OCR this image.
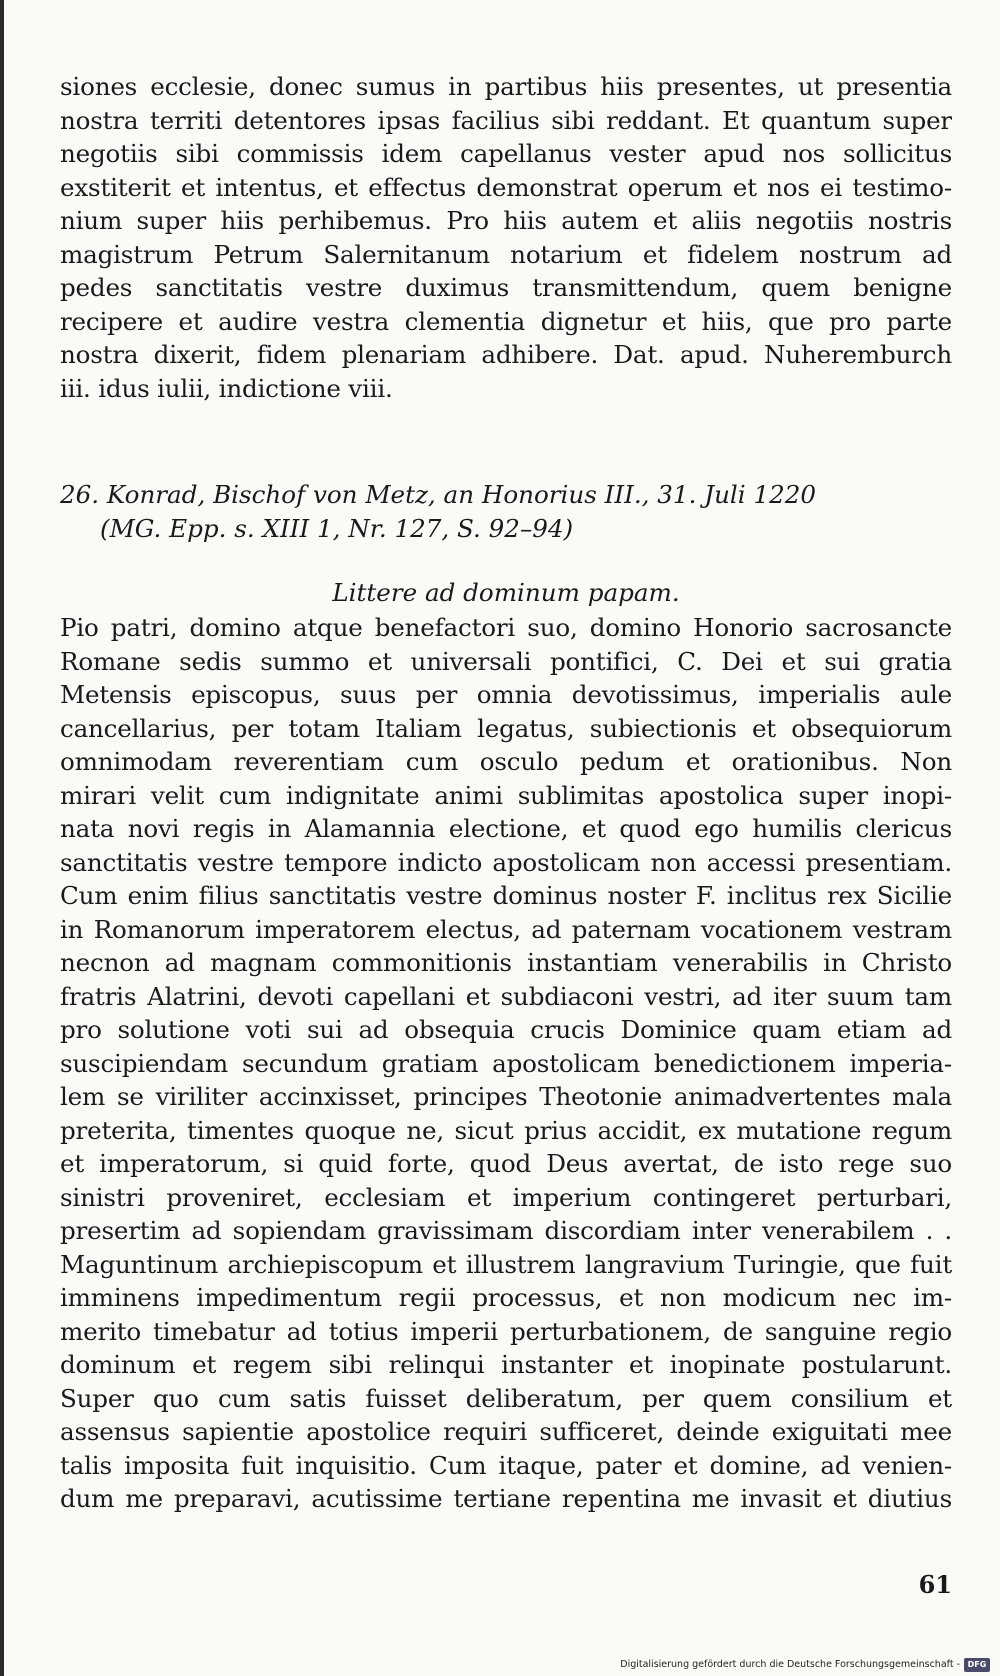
siones ecclesie, donec sumus in partibus hiis presentes, ut presentia
nostra territi detentores ipsas facilius sibi reddant. Et quantum super
negotiis sibi commissis idem capellanus vester apud nos sollicitus
exstiterit et intentus, et effectus demonstrat operum et nos ei testimo-
nium super hiis perhibemus. Pro hiis autem et aliis negotiis nostris
magistrum Petrum Salernitanum notarium et fidelem nostrum ad
pedes sanctitatis vestre duximus transmittendum, quem benigne
recipere et audire vestra clementia dignetur et hiis, que pro parte
nostra dixerit, fidem plenariam adhibere. Dat. apud. Nuheremburch
iii. idus iulii, indictione viii.
26. Konrad, Bischof von Metz, an Honorius III., 31. Juli 1220
(MG. Epp. s. XIII 1, Nr. 127, S. 92–94)
Littere ad dominum papam.
Pio patri, domino atque benefactori suo, domino Honorio sacrosancte
Romane sedis summo et universali pontifici, C. Dei et sui gratia
Metensis episcopus, suus per omnia devotissimus, imperialis aule
cancellarius, per totam Italiam legatus, subiectionis et obsequiorum
omnimodam reverentiam cum osculo pedum et orationibus. Non
mirari velit cum indignitate animi sublimitas apostolica super inopi-
nata novi regis in Alamannia electione, et quod ego humilis clericus
sanctitatis vestre tempore indicto apostolicam non accessi presentiam.
Cum enim filius sanctitatis vestre dominus noster F. inclitus rex Sicilie
in Romanorum imperatorem electus, ad paternam vocationem vestram
necnon ad magnam commonitionis instantiam venerabilis in Christo
fratris Alatrini, devoti capellani et subdiaconi vestri, ad iter suum tam
pro solutione voti sui ad obsequia crucis Dominice quam etiam ad
suscipiendam secundum gratiam apostolicam benedictionem imperia-
lem se viriliter accinxisset, principes Theotonie animadvertentes mala
preterita, timentes quoque ne, sicut prius accidit, ex mutatione regum
et imperatorum, si quid forte, quod Deus avertat, de isto rege suo
sinistri proveniret, ecclesiam et imperium contingeret perturbari,
presertim ad sopiendam gravissimam discordiam inter venerabilem . .
Maguntinum archiepiscopum et illustrem langravium Turingie, que fuit
imminens impedimentum regii processus, et non modicum nec im-
merito timebatur ad totius imperii perturbationem, de sanguine regio
dominum et regem sibi relinqui instanter et inopinate postularunt.
Super quo cum satis fuisset deliberatum, per quem consilium et
assensus sapientie apostolice requiri sufficeret, deinde exiguitati mee
talis imposita fuit inquisitio. Cum itaque, pater et domine, ad venien-
dum me preparavi, acutissime tertiane repentina me invasit et diutius
61
Digitalisierung gefördert durch die Deutsche Forschungsgemeinschaft - DFG
